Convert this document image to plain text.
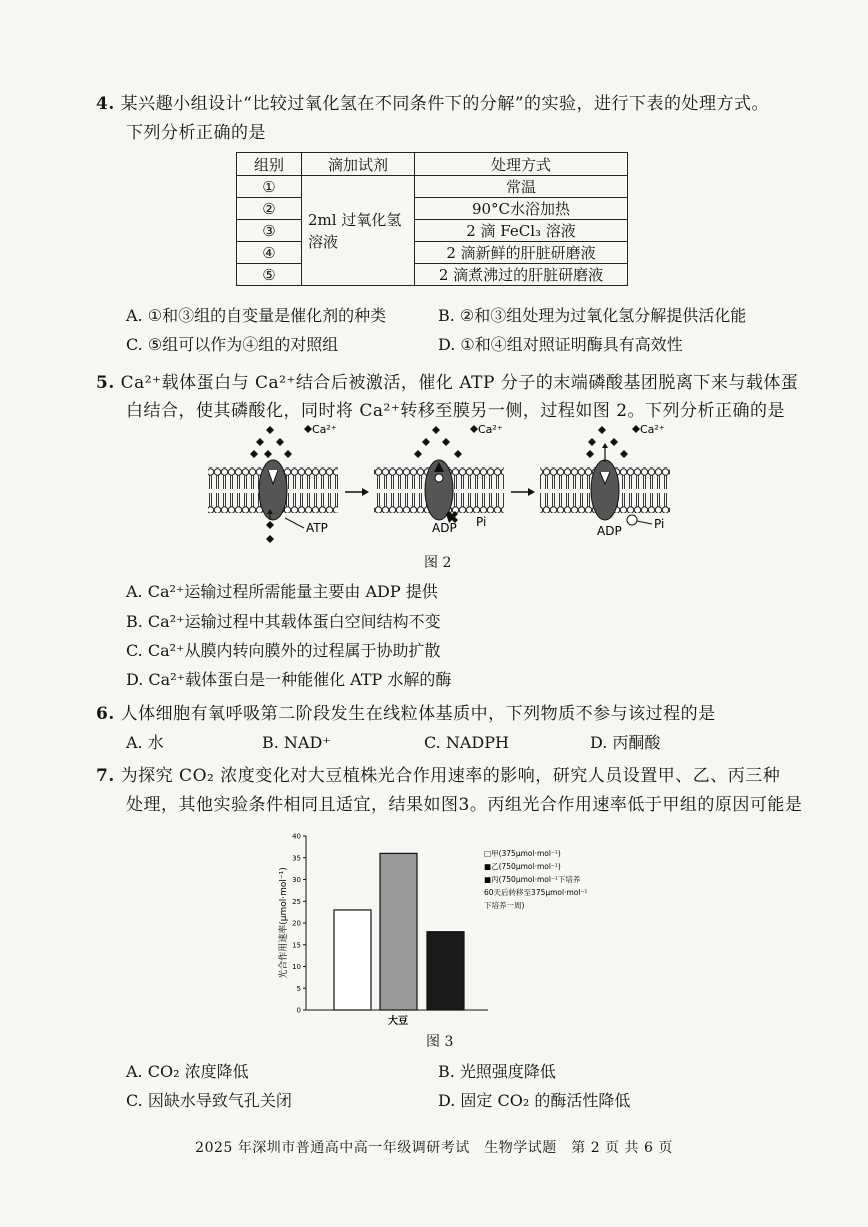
4. 某兴趣小组设计“比较过氧化氢在不同条件下的分解”的实验，进行下表的处理方式。
下列分析正确的是
组别	滴加试剂	处理方式
①	2ml 过氧化氢溶液	常温
②		90°C水浴加热
③		2 滴 FeCl₃ 溶液
④		2 滴新鲜的肝脏研磨液
⑤		2 滴煮沸过的肝脏研磨液
A. ①和③组的自变量是催化剂的种类	B. ②和③组处理为过氧化氢分解提供活化能
C. ⑤组可以作为④组的对照组	D. ①和④组对照证明酶具有高效性
5. Ca²⁺载体蛋白与 Ca²⁺结合后被激活，催化 ATP 分子的末端磷酸基团脱离下来与载体蛋
白结合，使其磷酸化，同时将 Ca²⁺转移至膜另一侧，过程如图 2。下列分析正确的是
Ca²⁺
ATP
Ca²⁺
ADP Pi
Ca²⁺
ADP	Pi
图 2
A. Ca²⁺运输过程所需能量主要由 ADP 提供
B. Ca²⁺运输过程中其载体蛋白空间结构不变
C. Ca²⁺从膜内转向膜外的过程属于协助扩散
D. Ca²⁺载体蛋白是一种能催化 ATP 水解的酶
6. 人体细胞有氧呼吸第二阶段发生在线粒体基质中，下列物质不参与该过程的是
A. 水	B. NAD⁺	C. NADPH	D. 丙酮酸
7. 为探究 CO₂ 浓度变化对大豆植株光合作用速率的影响，研究人员设置甲、乙、丙三种
处理，其他实验条件相同且适宜，结果如图3。丙组光合作用速率低于甲组的原因可能是
0
5
10
15
20
25
30
35
40
光合作用速率(μmol·mol⁻¹)
大豆
□甲(375μmol·mol⁻¹)
■乙(750μmol·mol⁻¹)
■丙(750μmol·mol⁻¹下培养
60天后转移至375μmol·mol⁻¹
下培养一周)
图 3
A. CO₂ 浓度降低	B. 光照强度降低
C. 因缺水导致气孔关闭	D. 固定 CO₂ 的酶活性降低
2025 年深圳市普通高中高一年级调研考试　生物学试题　第 2 页 共 6 页
